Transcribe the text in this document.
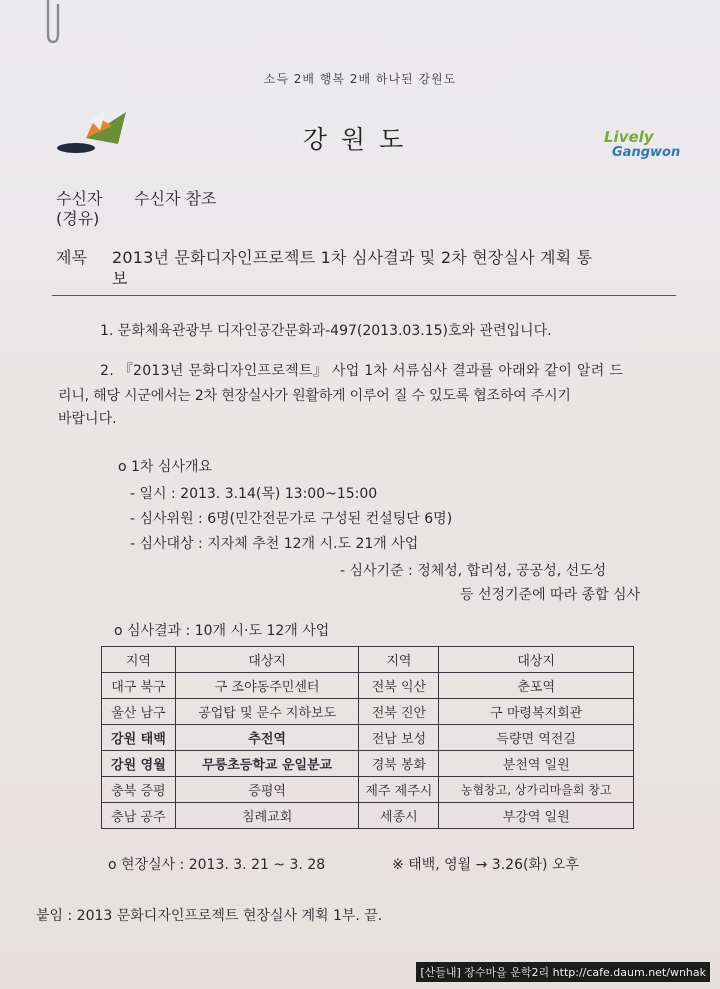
소득 2배 행복 2배 하나된 강원도
강원도	Lively
Gangwon
수신자 수신자 참조
(경유)
제목 2013년 문화디자인프로젝트 1차 심사결과 및 2차 현장실사 계획 통
보
1. 문화체육관광부 디자인공간문화과-497(2013.03.15)호와 관련입니다.
2. 『2013년 문화디자인프로젝트』 사업 1차 서류심사 결과를 아래와 같이 알려 드
리니, 해당 시군에서는 2차 현장실사가 원활하게 이루어 질 수 있도록 협조하여 주시기
바랍니다.
o 1차 심사개요
- 일시 : 2013. 3.14(목) 13:00~15:00
- 심사위원 : 6명(민간전문가로 구성된 컨설팅단 6명)
- 심사대상 : 지자체 추천 12개 시.도 21개 사업
- 심사기준 : 정체성, 합리성, 공공성, 선도성
등 선정기준에 따라 종합 심사
o 심사결과 : 10개 시·도 12개 사업
지역	대상지	지역	대상지
대구 북구	구 조야동주민센터	전북 익산	춘포역
울산 남구	공업탑 및 문수 지하보도	전북 진안	구 마령복지회관
강원 태백	추전역	전남 보성	득량면 역전길
강원 영월	무릉초등학교 운일분교	경북 봉화	분천역 일원
충북 증평	증평역	제주 제주시	농협창고, 상가리마을회 창고
충남 공주	침례교회	세종시	부강역 일원
o 현장실사 : 2013. 3. 21 ~ 3. 28	※ 태백, 영월 → 3.26(화) 오후
붙임 : 2013 문화디자인프로젝트 현장실사 계획 1부. 끝.
[산들내] 장수마을 운학2리 http://cafe.daum.net/wnhak
